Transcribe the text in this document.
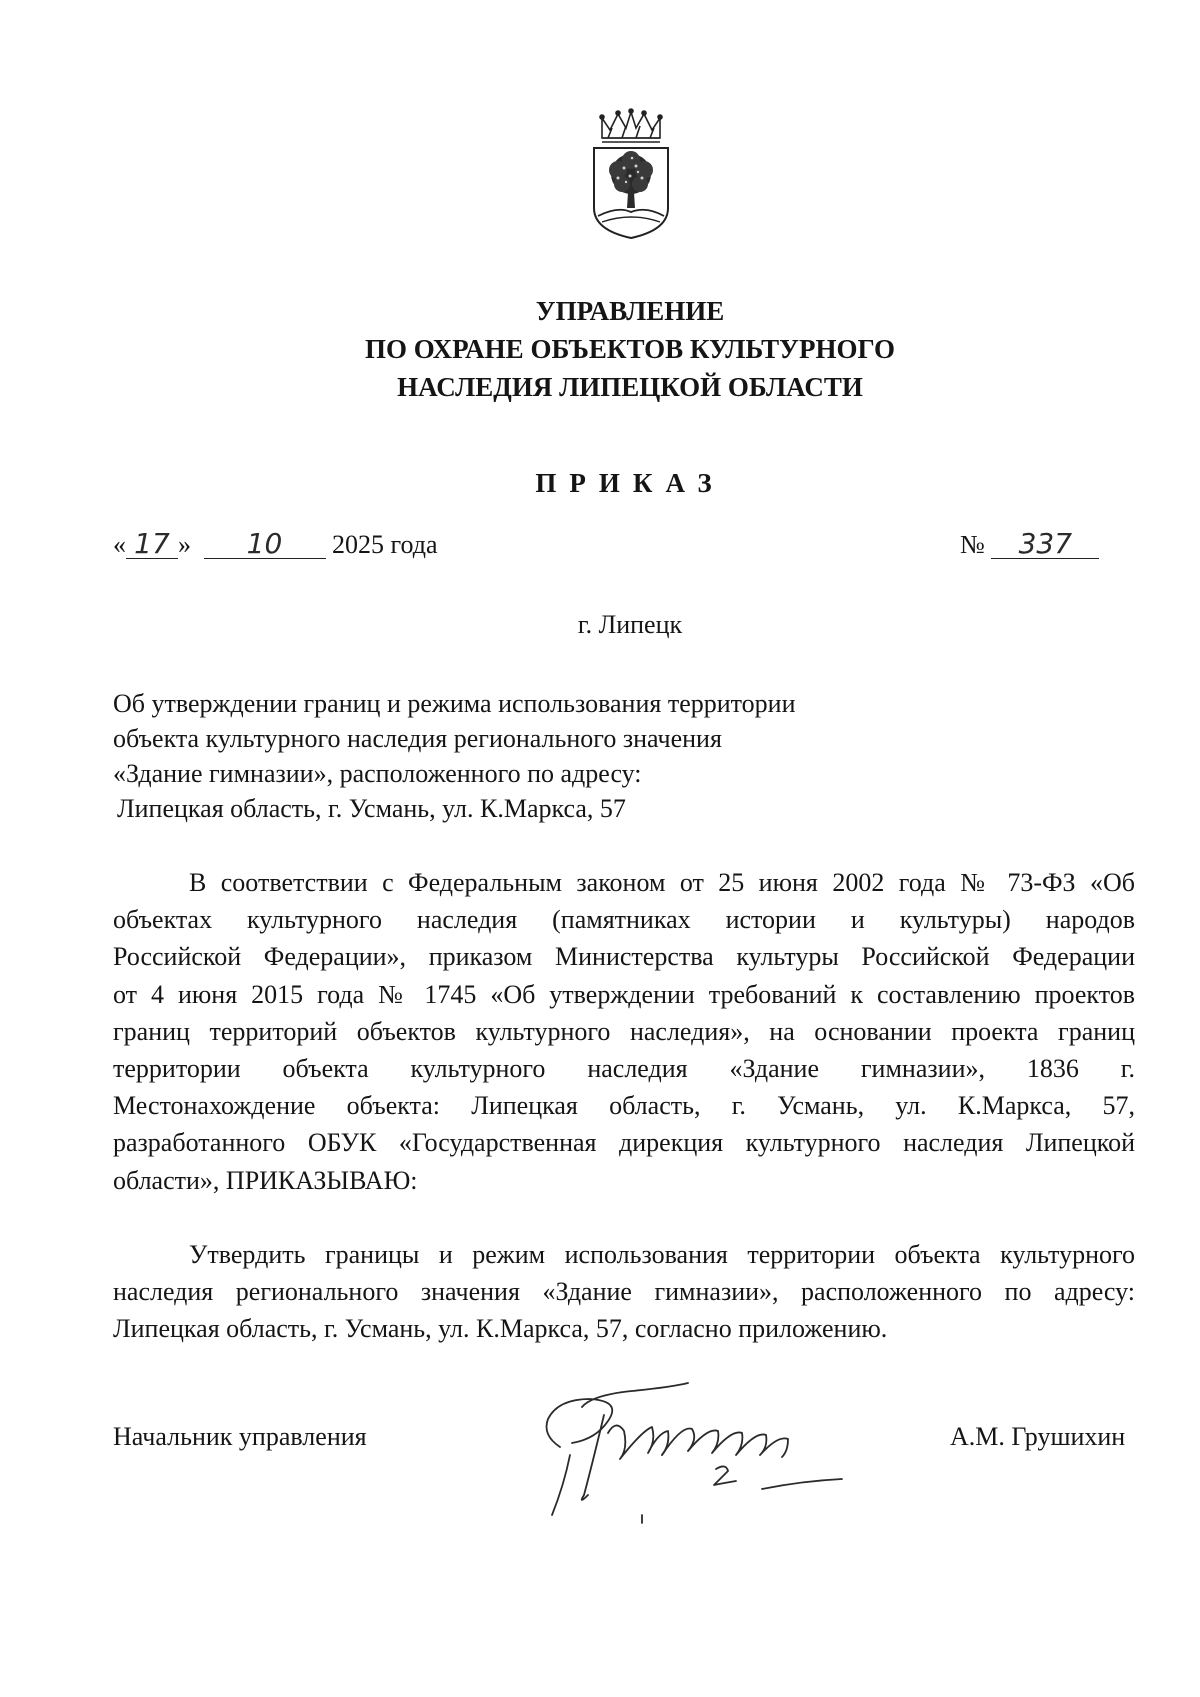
УПРАВЛЕНИЕ
ПО ОХРАНЕ ОБЪЕКТОВ КУЛЬТУРНОГО
НАСЛЕДИЯ ЛИПЕЦКОЙ ОБЛАСТИ
ПРИКАЗ
« 17 » 10 2025 года	№ 337
г. Липецк
Об утверждении границ и режима использования территории
объекта культурного наследия регионального значения
«Здание гимназии», расположенного по адресу:
Липецкая область, г. Усмань, ул. К.Маркса, 57
В соответствии с Федеральным законом от 25 июня 2002 года № 73-ФЗ «Об
объектах культурного наследия (памятниках истории и культуры) народов
Российской Федерации», приказом Министерства культуры Российской Федерации
от 4 июня 2015 года № 1745 «Об утверждении требований к составлению проектов
границ территорий объектов культурного наследия», на основании проекта границ
территории объекта культурного наследия «Здание гимназии», 1836 г.
Местонахождение объекта: Липецкая область, г. Усмань, ул. К.Маркса, 57,
разработанного ОБУК «Государственная дирекция культурного наследия Липецкой
области», ПРИКАЗЫВАЮ:
Утвердить границы и режим использования территории объекта культурного
наследия регионального значения «Здание гимназии», расположенного по адресу:
Липецкая область, г. Усмань, ул. К.Маркса, 57, согласно приложению.
Начальник управления	А.М. Грушихин
